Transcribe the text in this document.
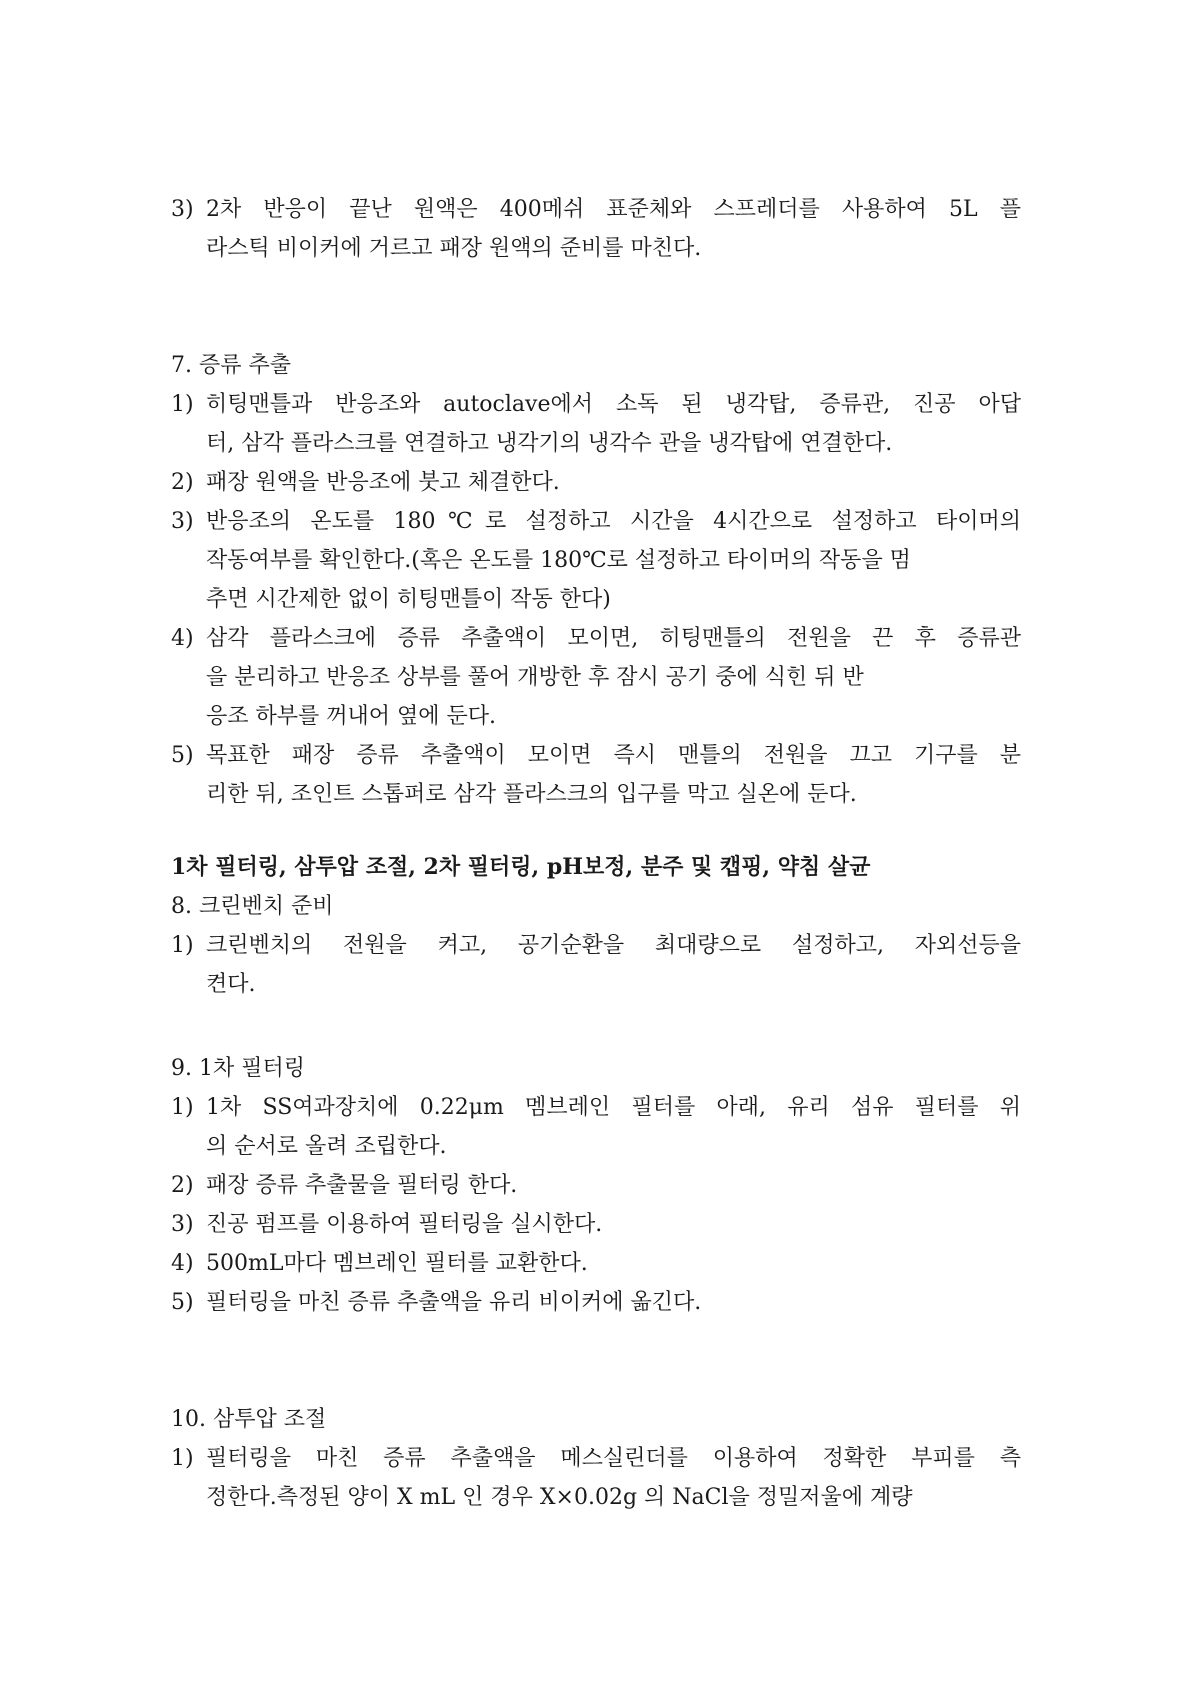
3) 2차 반응이 끝난 원액은 400메쉬 표준체와 스프레더를 사용하여 5L 플
라스틱 비이커에 거르고 패장 원액의 준비를 마친다.
7. 증류 추출
1) 히팅맨틀과 반응조와 autoclave에서 소독 된 냉각탑, 증류관, 진공 아답
터, 삼각 플라스크를 연결하고 냉각기의 냉각수 관을 냉각탑에 연결한다.
2) 패장 원액을 반응조에 붓고 체결한다.
3) 반응조의 온도를 180℃로 설정하고 시간을 4시간으로 설정하고 타이머의
작동여부를 확인한다.(혹은 온도를 180℃로 설정하고 타이머의 작동을 멈
추면 시간제한 없이 히팅맨틀이 작동 한다)
4) 삼각 플라스크에 증류 추출액이 모이면, 히팅맨틀의 전원을 끈 후 증류관
을 분리하고 반응조 상부를 풀어 개방한 후 잠시 공기 중에 식힌 뒤 반
응조 하부를 꺼내어 옆에 둔다.
5) 목표한 패장 증류 추출액이 모이면 즉시 맨틀의 전원을 끄고 기구를 분
리한 뒤, 조인트 스톱퍼로 삼각 플라스크의 입구를 막고 실온에 둔다.
1차 필터링, 삼투압 조절, 2차 필터링, pH보정, 분주 및 캡핑, 약침 살균
8. 크린벤치 준비
1) 크린벤치의 전원을 켜고, 공기순환을 최대량으로 설정하고, 자외선등을
켠다.
9. 1차 필터링
1) 1차 SS여과장치에 0.22μm 멤브레인 필터를 아래, 유리 섬유 필터를 위
의 순서로 올려 조립한다.
2) 패장 증류 추출물을 필터링 한다.
3) 진공 펌프를 이용하여 필터링을 실시한다.
4) 500mL마다 멤브레인 필터를 교환한다.
5) 필터링을 마친 증류 추출액을 유리 비이커에 옮긴다.
10. 삼투압 조절
1) 필터링을 마친 증류 추출액을 메스실린더를 이용하여 정확한 부피를 측
정한다.측정된 양이 X mL 인 경우 X×0.02g 의 NaCl을 정밀저울에 계량
